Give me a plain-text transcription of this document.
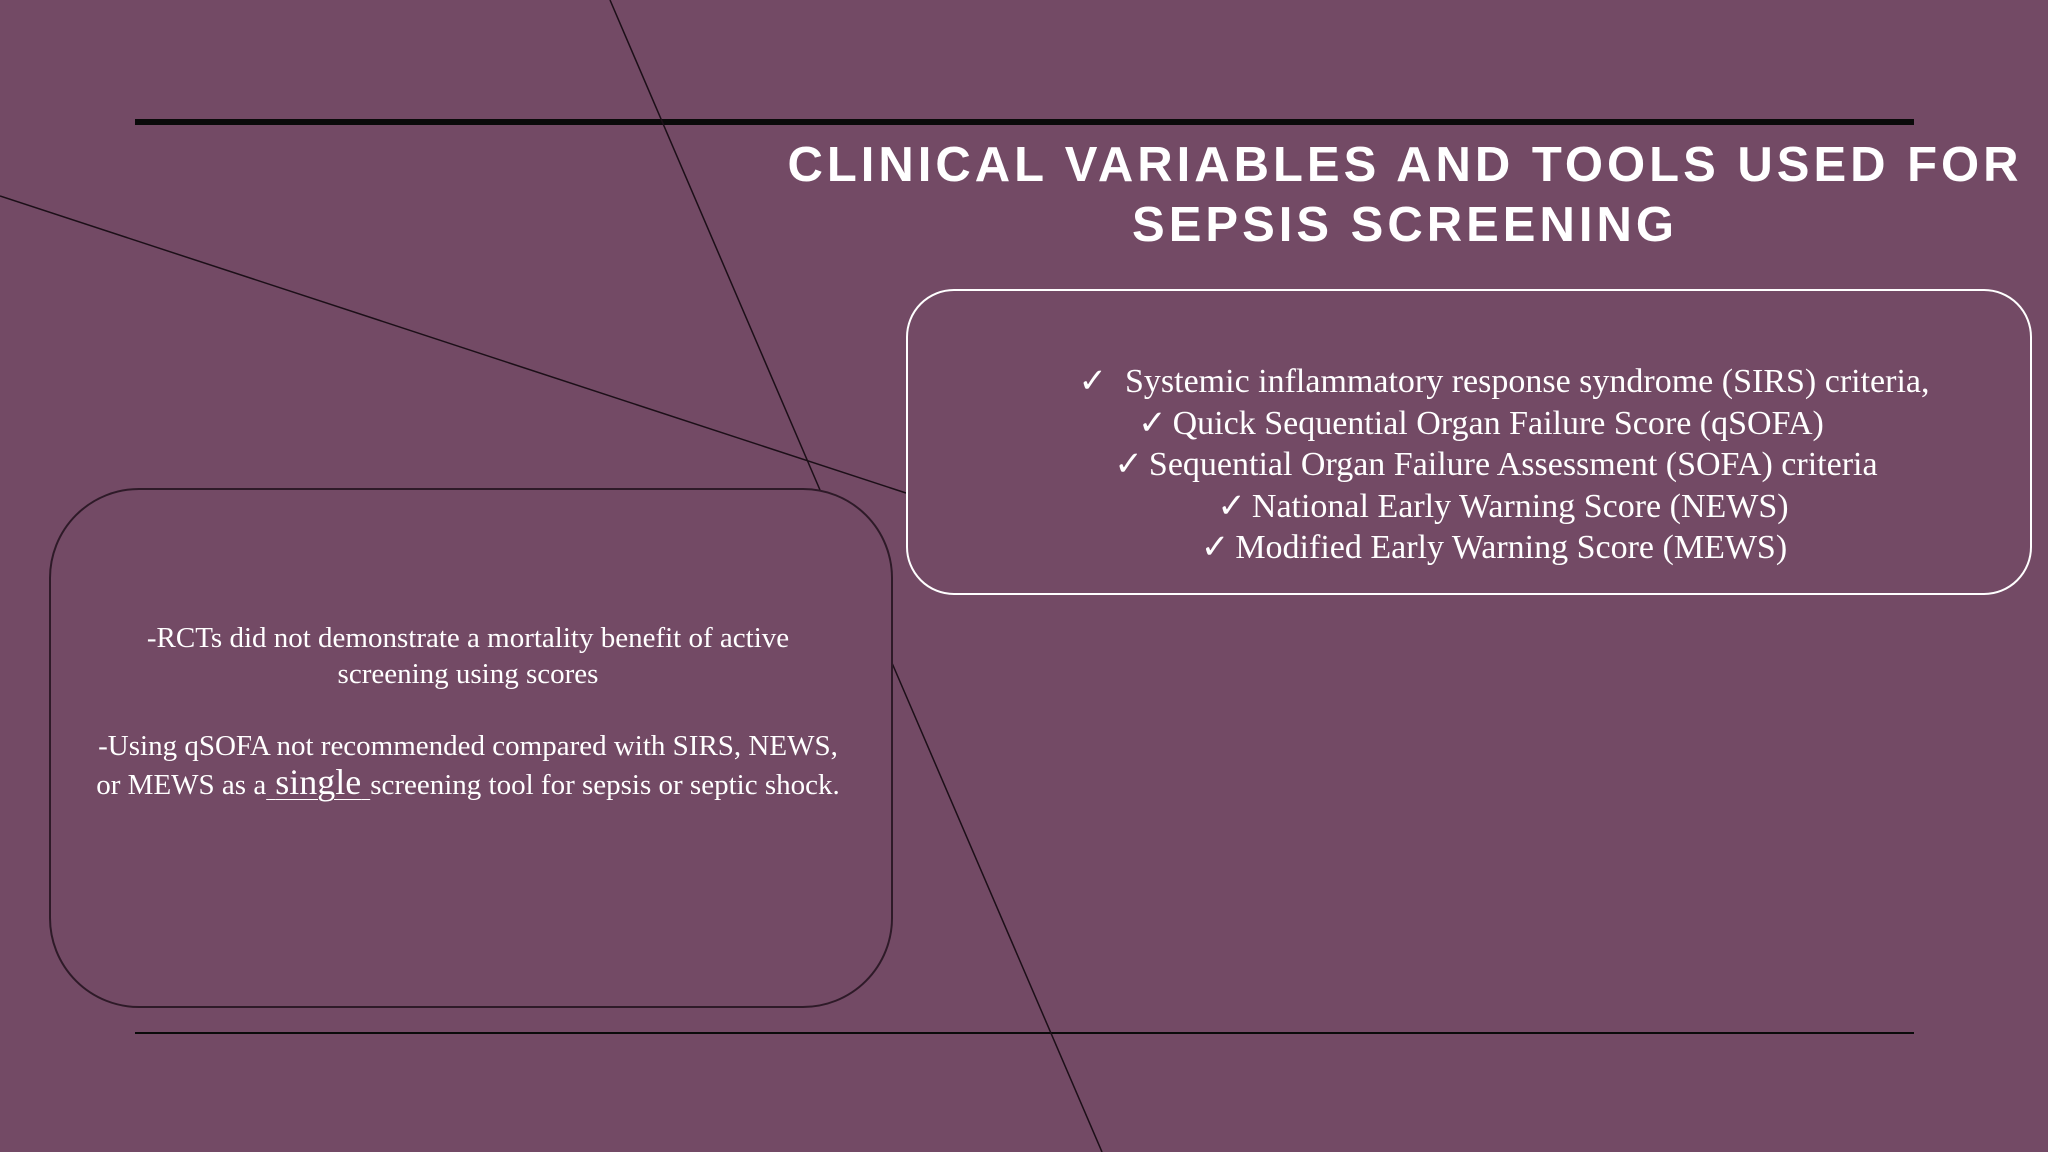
CLINICAL VARIABLES AND TOOLS USED FOR SEPSIS SCREENING
✓ Systemic inflammatory response syndrome (SIRS) criteria,
✓ Quick Sequential Organ Failure Score (qSOFA)
✓ Sequential Organ Failure Assessment (SOFA) criteria
✓ National Early Warning Score (NEWS)
✓ Modified Early Warning Score (MEWS)

-RCTs did not demonstrate a mortality benefit of active screening using scores

-Using qSOFA not recommended compared with SIRS, NEWS, or MEWS as a single screening tool for sepsis or septic shock.
